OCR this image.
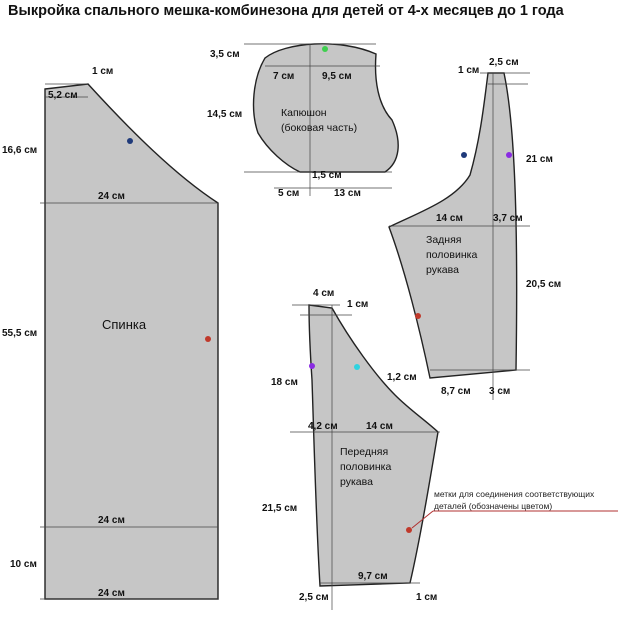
Выкройка спального мешка-комбинезона для детей от 4-х месяцев до 1 года
Спинка
1 см
5,2 см
16,6 см
24 см
55,5 см
24 см
10 см
24 см
Капюшон
(боковая часть)
3,5 см
7 см	9,5 см
14,5 см
1,5 см
5 см	13 см
Задняя
половинка
рукава
1 см
2,5 см
21 см
14 см	3,7 см
20,5 см
1,2 см
8,7 см 3 см
Передняя
половинка
рукава
4 см
1 см
18 см
4,2 см	14 см
21,5 см
9,7 см
2,5 см	1 см
метки для соединения соответствующих
деталей (обозначены цветом)
